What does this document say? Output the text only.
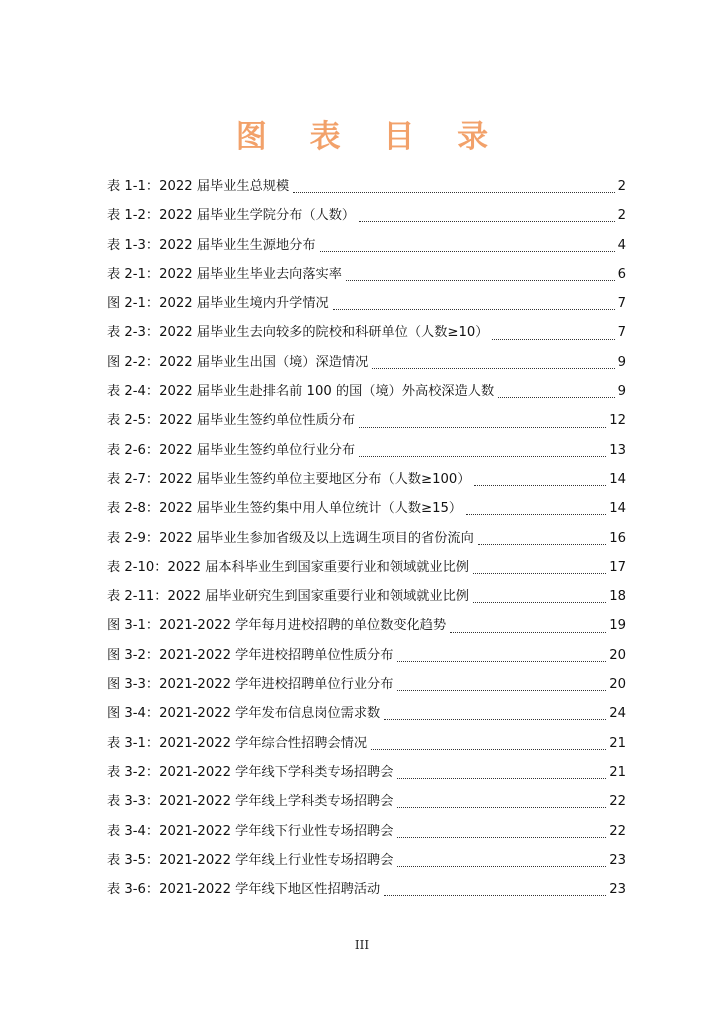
图 表 目 录
表 1-1：2022 届毕业生总规模	2
表 1-2：2022 届毕业生学院分布（人数）	2
表 1-3：2022 届毕业生生源地分布	4
表 2-1：2022 届毕业生毕业去向落实率	6
图 2-1：2022 届毕业生境内升学情况	7
表 2-3：2022 届毕业生去向较多的院校和科研单位（人数≥10）	7
图 2-2：2022 届毕业生出国（境）深造情况	9
表 2-4：2022 届毕业生赴排名前 100 的国（境）外高校深造人数	9
表 2-5：2022 届毕业生签约单位性质分布	12
表 2-6：2022 届毕业生签约单位行业分布	13
表 2-7：2022 届毕业生签约单位主要地区分布（人数≥100）	14
表 2-8：2022 届毕业生签约集中用人单位统计（人数≥15）	14
表 2-9：2022 届毕业生参加省级及以上选调生项目的省份流向	16
表 2-10：2022 届本科毕业生到国家重要行业和领域就业比例	17
表 2-11：2022 届毕业研究生到国家重要行业和领域就业比例	18
图 3-1：2021-2022 学年每月进校招聘的单位数变化趋势	19
图 3-2：2021-2022 学年进校招聘单位性质分布	20
图 3-3：2021-2022 学年进校招聘单位行业分布	20
图 3-4：2021-2022 学年发布信息岗位需求数	24
表 3-1：2021-2022 学年综合性招聘会情况	21
表 3-2：2021-2022 学年线下学科类专场招聘会	21
表 3-3：2021-2022 学年线上学科类专场招聘会	22
表 3-4：2021-2022 学年线下行业性专场招聘会	22
表 3-5：2021-2022 学年线上行业性专场招聘会	23
表 3-6：2021-2022 学年线下地区性招聘活动	23
III
